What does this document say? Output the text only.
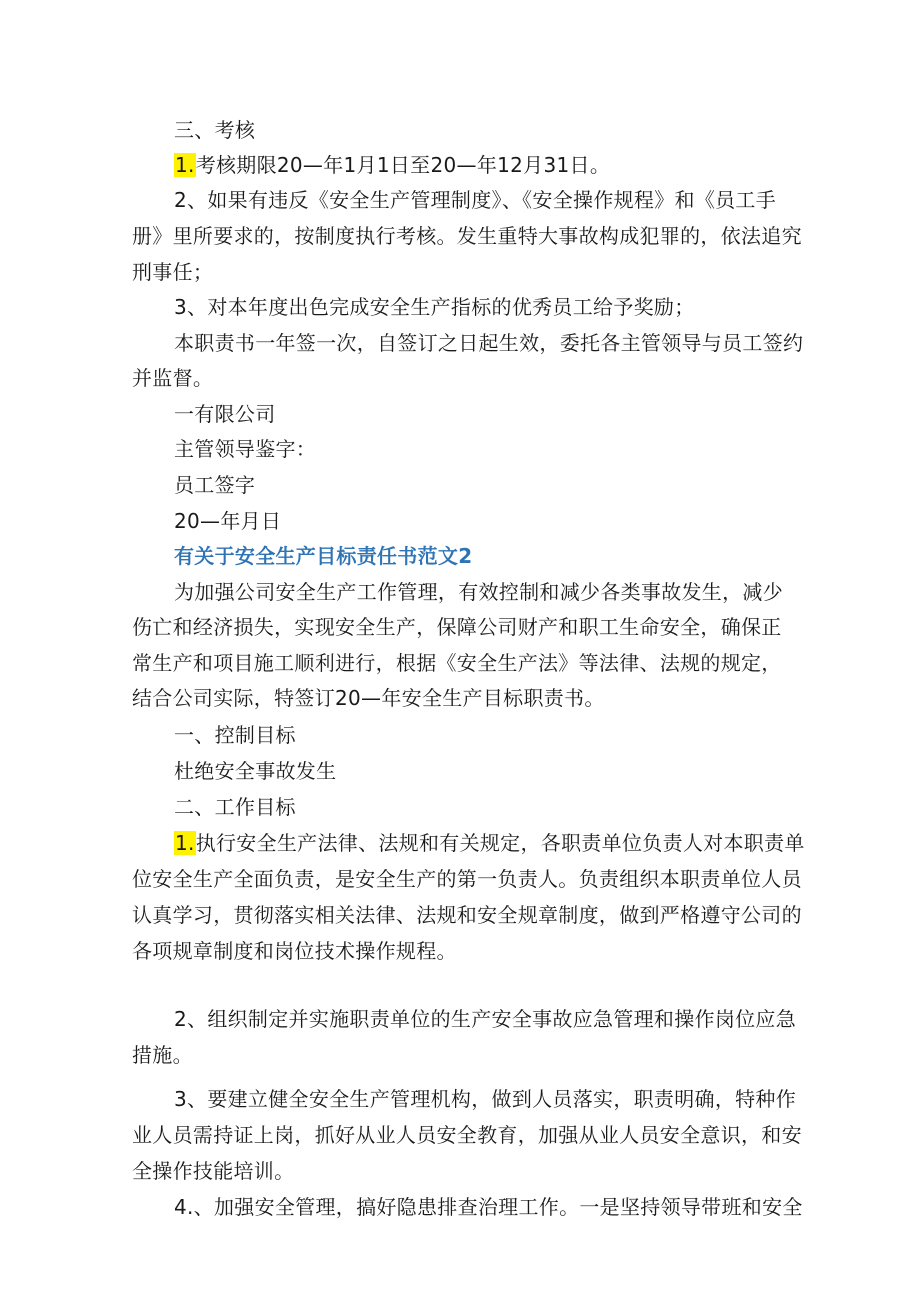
三、考核
1.考核期限20—年1月1日至20—年12月31日。
2、如果有违反《安全生产管理制度》、《安全操作规程》和《员工手
册》里所要求的，按制度执行考核。发生重特大事故构成犯罪的，依法追究
刑事任；
3、对本年度出色完成安全生产指标的优秀员工给予奖励；
本职责书一年签一次，自签订之日起生效，委托各主管领导与员工签约
并监督。
一有限公司
主管领导鉴字：
员工签字
20—年月日
有关于安全生产目标责任书范文2
为加强公司安全生产工作管理，有效控制和减少各类事故发生，减少
伤亡和经济损失，实现安全生产，保障公司财产和职工生命安全，确保正
常生产和项目施工顺利进行，根据《安全生产法》等法律、法规的规定，
结合公司实际，特签订20—年安全生产目标职责书。
一、控制目标
杜绝安全事故发生
二、工作目标
1.执行安全生产法律、法规和有关规定，各职责单位负责人对本职责单
位安全生产全面负责，是安全生产的第一负责人。负责组织本职责单位人员
认真学习，贯彻落实相关法律、法规和安全规章制度，做到严格遵守公司的
各项规章制度和岗位技术操作规程。
2、组织制定并实施职责单位的生产安全事故应急管理和操作岗位应急
措施。
3、要建立健全安全生产管理机构，做到人员落实，职责明确，特种作
业人员需持证上岗，抓好从业人员安全教育，加强从业人员安全意识，和安
全操作技能培训。
4.、加强安全管理，搞好隐患排查治理工作。一是坚持领导带班和安全
